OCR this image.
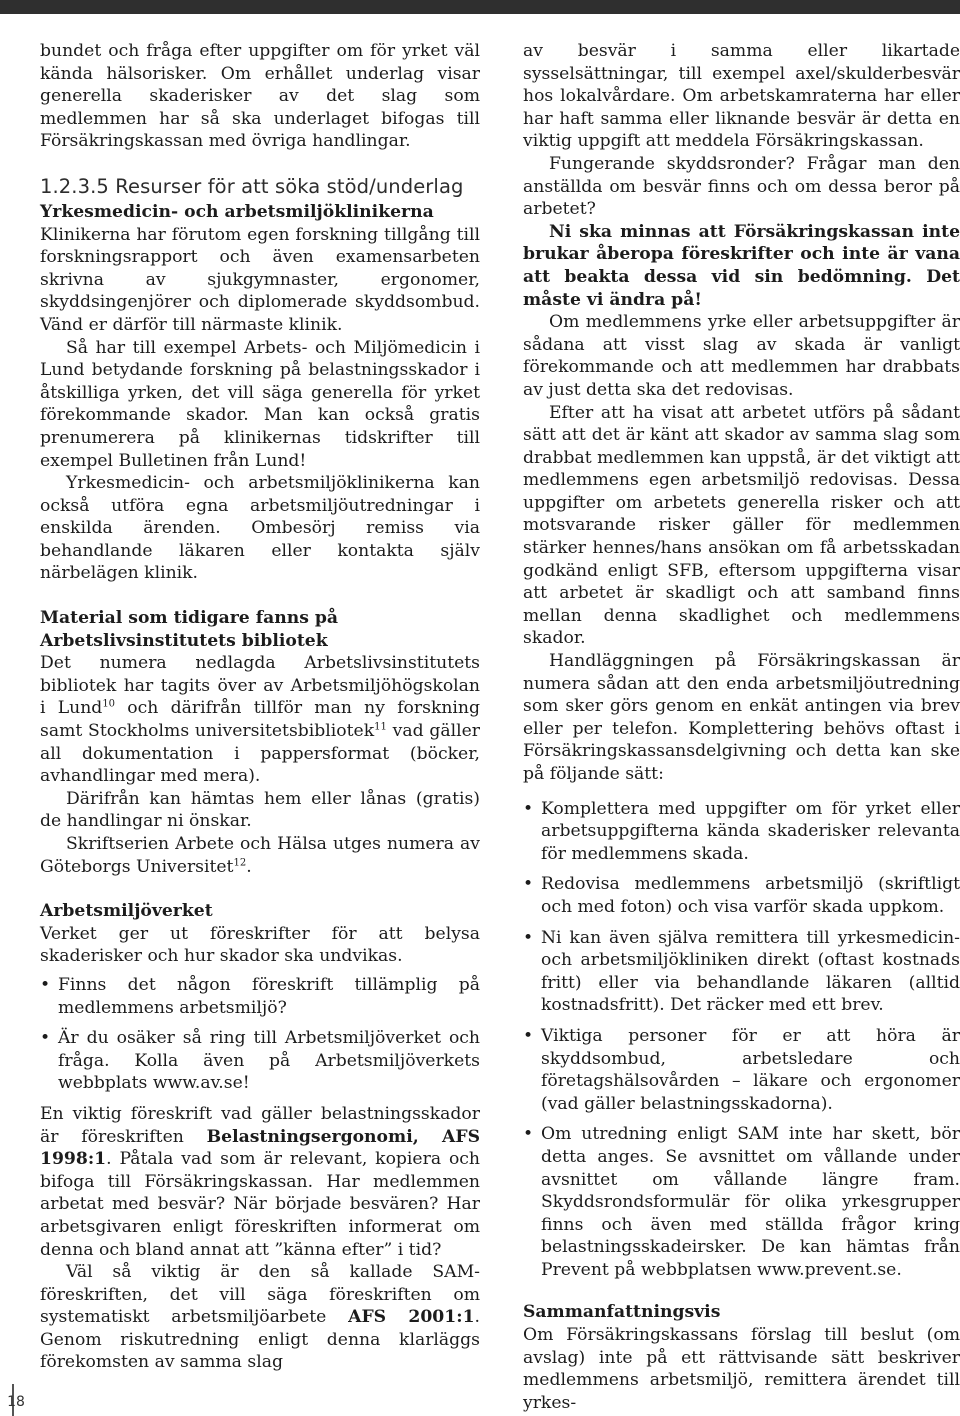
bundet och fråga efter uppgifter om för yrket väl kända hälsorisker. Om erhållet underlag visar generella skaderisker av det slag som medlemmen har så ska underlaget bifogas till Försäkringskassan med övriga handlingar.

1.2.3.5 Resurser för att söka stöd/underlag
Yrkesmedicin- och arbetsmiljöklinikerna

Klinikerna har förutom egen forskning tillgång till forskningsrapport och även examensarbeten skrivna av sjukgymnaster, ergonomer, skyddsingenjörer och diplomerade skyddsombud. Vänd er därför till närmaste klinik.

Så har till exempel Arbets- och Miljömedicin i Lund betydande forskning på belastningsskador i åtskilliga yrken, det vill säga generella för yrket förekommande skador. Man kan också gratis prenumerera på klinikernas tidskrifter till exempel Bulletinen från Lund!

Yrkesmedicin- och arbetsmiljöklinikerna kan också utföra egna arbetsmiljöutredningar i enskilda ärenden. Ombesörj remiss via behandlande läkaren eller kontakta själv närbelägen klinik.

Material som tidigare fanns på Arbetslivsinstitutets bibliotek

Det numera nedlagda Arbetslivsinstitutets bibliotek har tagits över av Arbetsmiljöhögskolan i Lund$^{10}$ och därifrån tillför man ny forskning samt Stockholms universitetsbibliotek$^{11}$ vad gäller all dokumentation i pappersformat (böcker, avhandlingar med mera).

Därifrån kan hämtas hem eller lånas (gratis) de handlingar ni önskar.

Skriftserien Arbete och Hälsa utges numera av Göteborgs Universitet$^{12}$.

Arbetsmiljöverket

Verket ger ut föreskrifter för att belysa skaderisker och hur skador ska undvikas.

• Finns det någon föreskrift tillämplig på medlemmens arbetsmiljö?
• Är du osäker så ring till Arbetsmiljöverket och fråga. Kolla även på Arbetsmiljöverkets webbplats www.av.se!

En viktig föreskrift vad gäller belastningsskador är föreskriften Belastningsergonomi, AFS 1998:1. Påtala vad som är relevant, kopiera och bifoga till Försäkringskassan. Har medlemmen arbetat med besvär? När började besvären? Har arbetsgivaren enligt föreskriften informerat om denna och bland annat att ”känna efter” i tid?

Väl så viktig är den så kallade SAM-föreskriften, det vill säga föreskriften om systematiskt arbetsmiljöarbete AFS 2001:1. Genom riskutredning enligt denna klarläggs förekomsten av samma slag

av besvär i samma eller likartade sysselsättningar, till exempel axel/skulderbesvär hos lokalvårdare. Om arbetskamraterna har eller har haft samma eller liknande besvär är detta en viktig uppgift att meddela Försäkringskassan.

Fungerande skyddsronder? Frågar man den anställda om besvär finns och om dessa beror på arbetet?

Ni ska minnas att Försäkringskassan inte brukar åberopa föreskrifter och inte är vana att beakta dessa vid sin bedömning. Det måste vi ändra på!

Om medlemmens yrke eller arbetsuppgifter är sådana att visst slag av skada är vanligt förekommande och att medlemmen har drabbats av just detta ska det redovisas.

Efter att ha visat att arbetet utförs på sådant sätt att det är känt att skador av samma slag som drabbat medlemmen kan uppstå, är det viktigt att medlemmens egen arbetsmiljö redovisas. Dessa uppgifter om arbetets generella risker och att motsvarande risker gäller för medlemmen stärker hennes/hans ansökan om få arbetsskadan godkänd enligt SFB, eftersom uppgifterna visar att arbetet är skadligt och att samband finns mellan denna skadlighet och medlemmens skador.

Handläggningen på Försäkringskassan är numera sådan att den enda arbetsmiljöutredning som sker görs genom en enkät antingen via brev eller per telefon. Komplettering behövs oftast i Försäkringskassansdelgivning och detta kan ske på följande sätt:

• Komplettera med uppgifter om för yrket eller arbetsuppgifterna kända skaderisker relevanta för medlemmens skada.
• Redovisa medlemmens arbetsmiljö (skriftligt och med foton) och visa varför skada uppkom.
• Ni kan även själva remittera till yrkesmedicin- och arbetsmiljökliniken direkt (oftast kostnads fritt) eller via behandlande läkaren (alltid kostnadsfritt). Det räcker med ett brev.
• Viktiga personer för er att höra är skyddsombud, arbetsledare och företagshälsovården – läkare och ergonomer (vad gäller belastningsskadorna).
• Om utredning enligt SAM inte har skett, bör detta anges. Se avsnittet om vållande under avsnittet om vållande längre fram. Skyddsrondsformulär för olika yrkesgrupper finns och även med ställda frågor kring belastningsskadeirsker. De kan hämtas från Prevent på webbplatsen www.prevent.se.
Sammanfattningsvis

Om Försäkringskassans förslag till beslut (om avslag) inte på ett rättvisande sätt beskriver medlemmens arbetsmiljö, remittera ärendet till yrkes-

18
